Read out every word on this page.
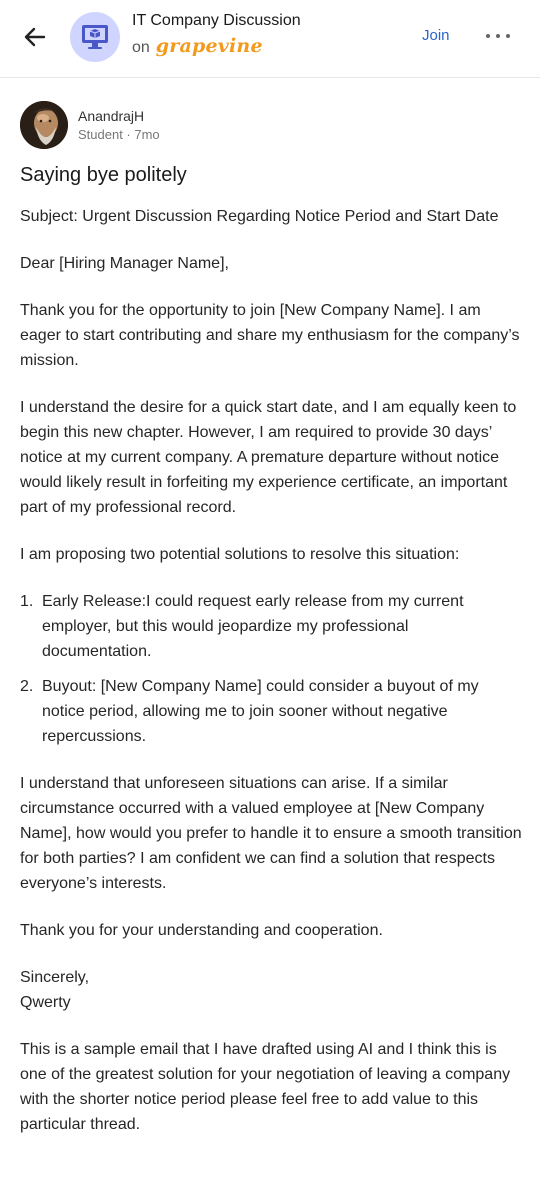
IT Company Discussion
on grapevine	Join
AnandrajH
Student · 7mo
Saying bye politely

Subject: Urgent Discussion Regarding Notice Period and Start Date

Dear [Hiring Manager Name],

Thank you for the opportunity to join [New Company Name]. I am eager to start contributing and share my enthusiasm for the company’s mission.

I understand the desire for a quick start date, and I am equally keen to begin this new chapter. However, I am required to provide 30 days’ notice at my current company. A premature departure without notice would likely result in forfeiting my experience certificate, an important part of my professional record.

I am proposing two potential solutions to resolve this situation:

1. Early Release:I could request early release from my current employer, but this would jeopardize my professional documentation.
2. Buyout: [New Company Name] could consider a buyout of my notice period, allowing me to join sooner without negative repercussions.

I understand that unforeseen situations can arise. If a similar circumstance occurred with a valued employee at [New Company Name], how would you prefer to handle it to ensure a smooth transition for both parties? I am confident we can find a solution that respects everyone’s interests.

Thank you for your understanding and cooperation.

Sincerely,
Qwerty

This is a sample email that I have drafted using AI and I think this is one of the greatest solution for your negotiation of leaving a company with the shorter notice period please feel free to add value to this particular thread.
